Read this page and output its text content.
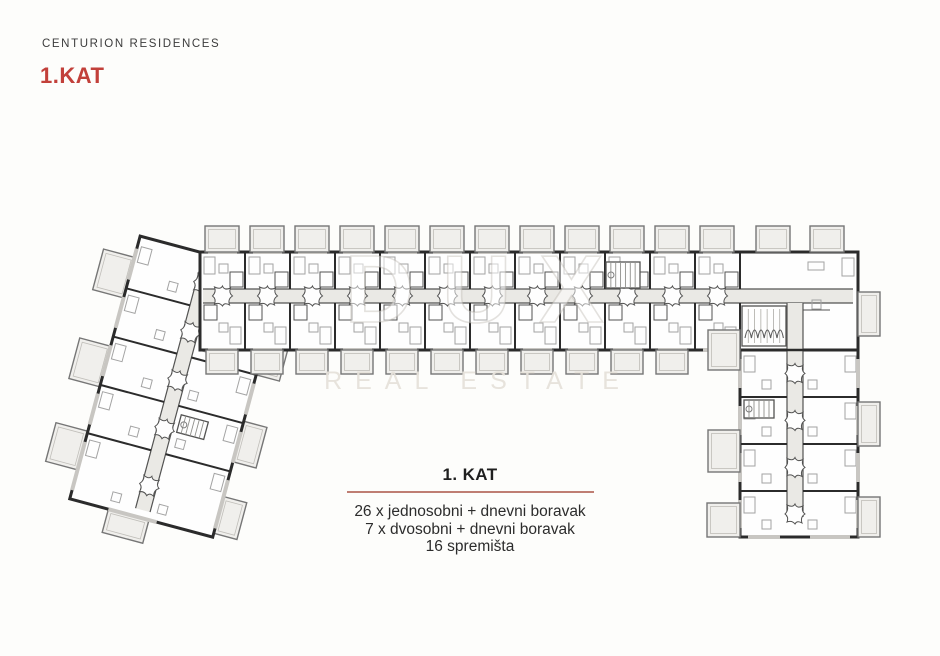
CENTURION RESIDENCES
1.KAT
DUX
REAL ESTATE
1. KAT
26 x jednosobni + dnevni boravak
7 x dvosobni + dnevni boravak
16 spremišta
